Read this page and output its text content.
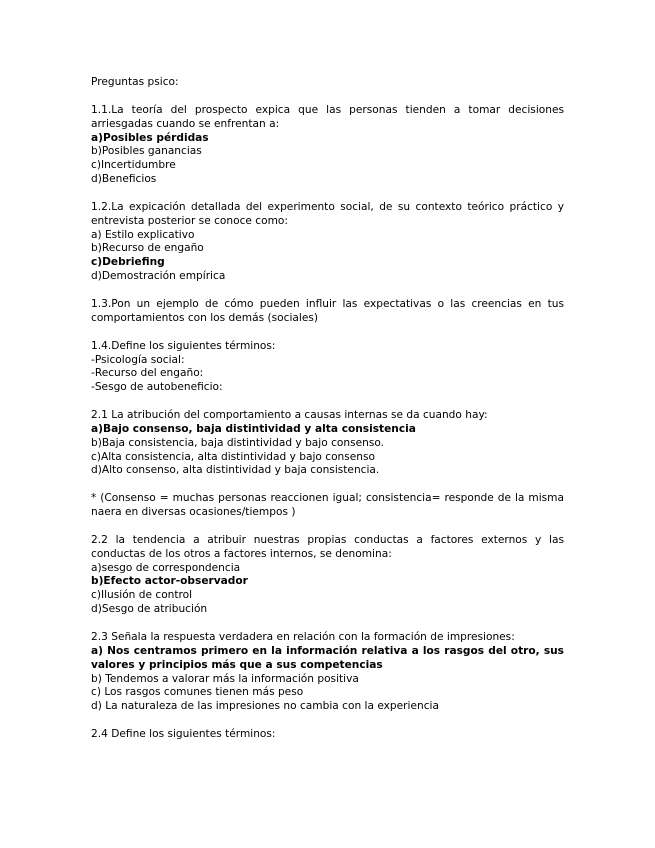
Preguntas psico:
1.1.La teoría del prospecto expica que las personas tienden a tomar decisiones arriesgadas cuando se enfrentan a:
a)Posibles pérdidas
b)Posibles ganancias
c)Incertidumbre
d)Beneficios
1.2.La expicación detallada del experimento social, de su contexto teórico práctico y entrevista posterior se conoce como:
a) Estilo explicativo
b)Recurso de engaño
c)Debriefing
d)Demostración empírica
1.3.Pon un ejemplo de cómo pueden influir las expectativas o las creencias en tus comportamientos con los demás (sociales)
1.4.Define los siguientes términos:
-Psicología social:
-Recurso del engaño:
-Sesgo de autobeneficio:
2.1 La atribución del comportamiento a causas internas se da cuando hay:
a)Bajo consenso, baja distintividad y alta consistencia
b)Baja consistencia, baja distintividad y bajo consenso.
c)Alta consistencia, alta distintividad y bajo consenso
d)Alto consenso, alta distintividad y baja consistencia.
* (Consenso = muchas personas reaccionen igual; consistencia= responde de la misma naera en diversas ocasiones/tiempos )
2.2 la tendencia a atribuir nuestras propias conductas a factores externos y las conductas de los otros a factores internos, se denomina:
a)sesgo de correspondencia
b)Efecto actor-observador
c)Ilusión de control
d)Sesgo de atribución
2.3 Señala la respuesta verdadera en relación con la formación de impresiones:
a) Nos centramos primero en la información relativa a los rasgos del otro, sus valores y principios más que a sus competencias
b) Tendemos a valorar más la información positiva
c) Los rasgos comunes tienen más peso
d) La naturaleza de las impresiones no cambia con la experiencia
2.4 Define los siguientes términos:
